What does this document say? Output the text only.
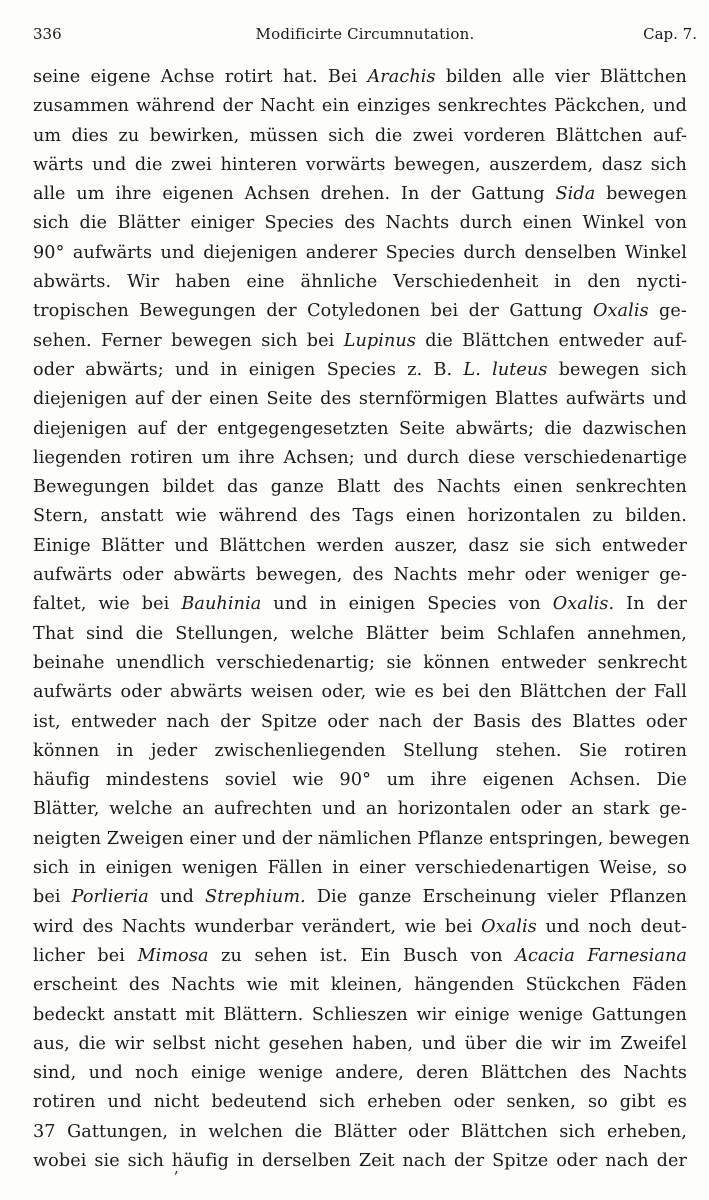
336	Modificirte Circumnutation.	Cap. 7.
seine eigene Achse rotirt hat. Bei Arachis bilden alle vier Blättchen
zusammen während der Nacht ein einziges senkrechtes Päckchen, und
um dies zu bewirken, müssen sich die zwei vorderen Blättchen auf-
wärts und die zwei hinteren vorwärts bewegen, auszerdem, dasz sich
alle um ihre eigenen Achsen drehen. In der Gattung Sida bewegen
sich die Blätter einiger Species des Nachts durch einen Winkel von
90° aufwärts und diejenigen anderer Species durch denselben Winkel
abwärts. Wir haben eine ähnliche Verschiedenheit in den nycti-
tropischen Bewegungen der Cotyledonen bei der Gattung Oxalis ge-
sehen. Ferner bewegen sich bei Lupinus die Blättchen entweder auf-
oder abwärts; und in einigen Species z. B. L. luteus bewegen sich
diejenigen auf der einen Seite des sternförmigen Blattes aufwärts und
diejenigen auf der entgegengesetzten Seite abwärts; die dazwischen
liegenden rotiren um ihre Achsen; und durch diese verschiedenartige
Bewegungen bildet das ganze Blatt des Nachts einen senkrechten
Stern, anstatt wie während des Tags einen horizontalen zu bilden.
Einige Blätter und Blättchen werden auszer, dasz sie sich entweder
aufwärts oder abwärts bewegen, des Nachts mehr oder weniger ge-
faltet, wie bei Bauhinia und in einigen Species von Oxalis. In der
That sind die Stellungen, welche Blätter beim Schlafen annehmen,
beinahe unendlich verschiedenartig; sie können entweder senkrecht
aufwärts oder abwärts weisen oder, wie es bei den Blättchen der Fall
ist, entweder nach der Spitze oder nach der Basis des Blattes oder
können in jeder zwischenliegenden Stellung stehen. Sie rotiren
häufig mindestens soviel wie 90° um ihre eigenen Achsen. Die
Blätter, welche an aufrechten und an horizontalen oder an stark ge-
neigten Zweigen einer und der nämlichen Pflanze entspringen, bewegen
sich in einigen wenigen Fällen in einer verschiedenartigen Weise, so
bei Porlieria und Strephium. Die ganze Erscheinung vieler Pflanzen
wird des Nachts wunderbar verändert, wie bei Oxalis und noch deut-
licher bei Mimosa zu sehen ist. Ein Busch von Acacia Farnesiana
erscheint des Nachts wie mit kleinen, hängenden Stückchen Fäden
bedeckt anstatt mit Blättern. Schlieszen wir einige wenige Gattungen
aus, die wir selbst nicht gesehen haben, und über die wir im Zweifel
sind, und noch einige wenige andere, deren Blättchen des Nachts
rotiren und nicht bedeutend sich erheben oder senken, so gibt es
37 Gattungen, in welchen die Blätter oder Blättchen sich erheben,
wobei sie sich häufig in derselben Zeit nach der Spitze oder nach der
ʼ
